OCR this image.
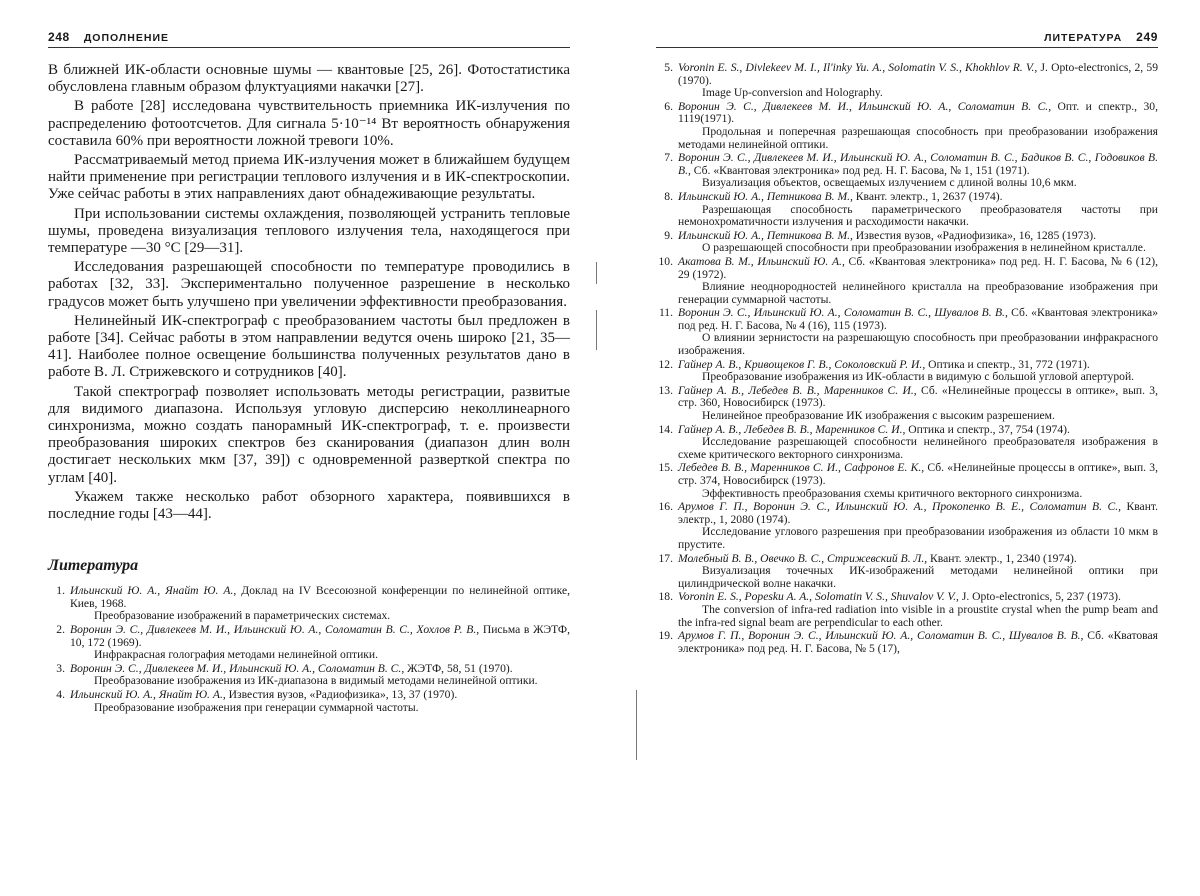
248 ДОПОЛНЕНИЕ

В ближней ИК-области основные шумы — квантовые [25, 26]. Фотостатистика обусловлена главным образом флуктуациями накачки [27].

В работе [28] исследована чувствительность приемника ИК-излучения по распределению фотоотсчетов. Для сигнала 5·10⁻¹⁴ Вт вероятность обнаружения составила 60% при вероятности ложной тревоги 10%.

Рассматриваемый метод приема ИК-излучения может в ближайшем будущем найти применение при регистрации теплового излучения и в ИК-спектроскопии. Уже сейчас работы в этих направлениях дают обнадеживающие результаты.

При использовании системы охлаждения, позволяющей устранить тепловые шумы, проведена визуализация теплового излучения тела, находящегося при температуре —30 °C [29—31].

Исследования разрешающей способности по температуре проводились в работах [32, 33]. Экспериментально полученное разрешение в несколько градусов может быть улучшено при увеличении эффективности преобразования.

Нелинейный ИК-спектрограф с преобразованием частоты был предложен в работе [34]. Сейчас работы в этом направлении ведутся очень широко [21, 35—41]. Наиболее полное освещение большинства полученных результатов дано в работе В. Л. Стрижевского и сотрудников [40].

Такой спектрограф позволяет использовать методы регистрации, развитые для видимого диапазона. Используя угловую дисперсию неколлинеарного синхронизма, можно создать панорамный ИК-спектрограф, т. е. произвести преобразования широких спектров без сканирования (диапазон длин волн достигает нескольких мкм [37, 39]) с одновременной разверткой спектра по углам [40].

Укажем также несколько работ обзорного характера, появившихся в последние годы [43—44].

Литература
1. Ильинский Ю. А., Янайт Ю. А., Доклад на IV Всесоюзной конференции по нелинейной оптике, Киев, 1968.
Преобразование изображений в параметрических системах.
2. Воронин Э. С., Дивлекеев М. И., Ильинский Ю. А., Соломатин В. С., Хохлов Р. В., Письма в ЖЭТФ, 10, 172 (1969).
Инфракрасная голография методами нелинейной оптики.
3. Воронин Э. С., Дивлекеев М. И., Ильинский Ю. А., Соломатин В. С., ЖЭТФ, 58, 51 (1970).
Преобразование изображения из ИК-диапазона в видимый методами нелинейной оптики.
4. Ильинский Ю. А., Янайт Ю. А., Известия вузов, «Радиофизика», 13, 37 (1970).
Преобразование изображения при генерации суммарной частоты.
ЛИТЕРАТУРА 249
5. Voronin E. S., Divlekeev M. I., Il'inky Yu. A., Solomatin V. S., Khokhlov R. V., J. Opto-electronics, 2, 59 (1970).
Image Up-conversion and Holography.
6. Воронин Э. С., Дивлекеев М. И., Ильинский Ю. А., Соломатин В. С., Опт. и спектр., 30, 1119(1971).
Продольная и поперечная разрешающая способность при преобразовании изображения методами нелинейной оптики.
7. Воронин Э. С., Дивлекеев М. И., Ильинский Ю. А., Соломатин В. С., Бадиков В. С., Годовиков В. В., Сб. «Квантовая электроника» под ред. Н. Г. Басова, № 1, 151 (1971).
Визуализация объектов, освещаемых излучением с длиной волны 10,6 мкм.
8. Ильинский Ю. А., Петникова В. М., Квант. электр., 1, 2637 (1974).
Разрешающая способность параметрического преобразователя частоты при немонохроматичности излучения и расходимости накачки.
9. Ильинский Ю. А., Петникова В. М., Известия вузов, «Радиофизика», 16, 1285 (1973).
О разрешающей способности при преобразовании изображения в нелинейном кристалле.
10. Акатова В. М., Ильинский Ю. А., Сб. «Квантовая электроника» под ред. Н. Г. Басова, № 6 (12), 29 (1972).
Влияние неоднородностей нелинейного кристалла на преобразование изображения при генерации суммарной частоты.
11. Воронин Э. С., Ильинский Ю. А., Соломатин В. С., Шувалов В. В., Сб. «Квантовая электроника» под ред. Н. Г. Басова, № 4 (16), 115 (1973).
О влиянии зернистости на разрешающую способность при преобразовании инфракрасного изображения.
12. Гайнер А. В., Кривощеков Г. В., Соколовский Р. И., Оптика и спектр., 31, 772 (1971).
Преобразование изображения из ИК-области в видимую с большой угловой апертурой.
13. Гайнер А. В., Лебедев В. В., Маренников С. И., Сб. «Нелинейные процессы в оптике», вып. 3, стр. 360, Новосибирск (1973).
Нелинейное преобразование ИК изображения с высоким разрешением.
14. Гайнер А. В., Лебедев В. В., Маренников С. И., Оптика и спектр., 37, 754 (1974).
Исследование разрешающей способности нелинейного преобразователя изображения в схеме критического векторного синхронизма.
15. Лебедев В. В., Маренников С. И., Сафронов Е. К., Сб. «Нелинейные процессы в оптике», вып. 3, стр. 374, Новосибирск (1973).
Эффективность преобразования схемы критичного векторного синхронизма.
16. Арумов Г. П., Воронин Э. С., Ильинский Ю. А., Прокопенко В. Е., Соломатин В. С., Квант. электр., 1, 2080 (1974).
Исследование углового разрешения при преобразовании изображения из области 10 мкм в прустите.
17. Молебный В. В., Овечко В. С., Стрижевский В. Л., Квант. электр., 1, 2340 (1974).
Визуализация точечных ИК-изображений методами нелинейной оптики при цилиндрической волне накачки.
18. Voronin E. S., Popesku A. A., Solomatin V. S., Shuvalov V. V., J. Opto-electronics, 5, 237 (1973).
The conversion of infra-red radiation into visible in a proustite crystal when the pump beam and the infra-red signal beam are perpendicular to each other.
19. Арумов Г. П., Воронин Э. С., Ильинский Ю. А., Соломатин В. С., Шувалов В. В., Сб. «Кватовая электроника» под ред. Н. Г. Басова, № 5 (17),
